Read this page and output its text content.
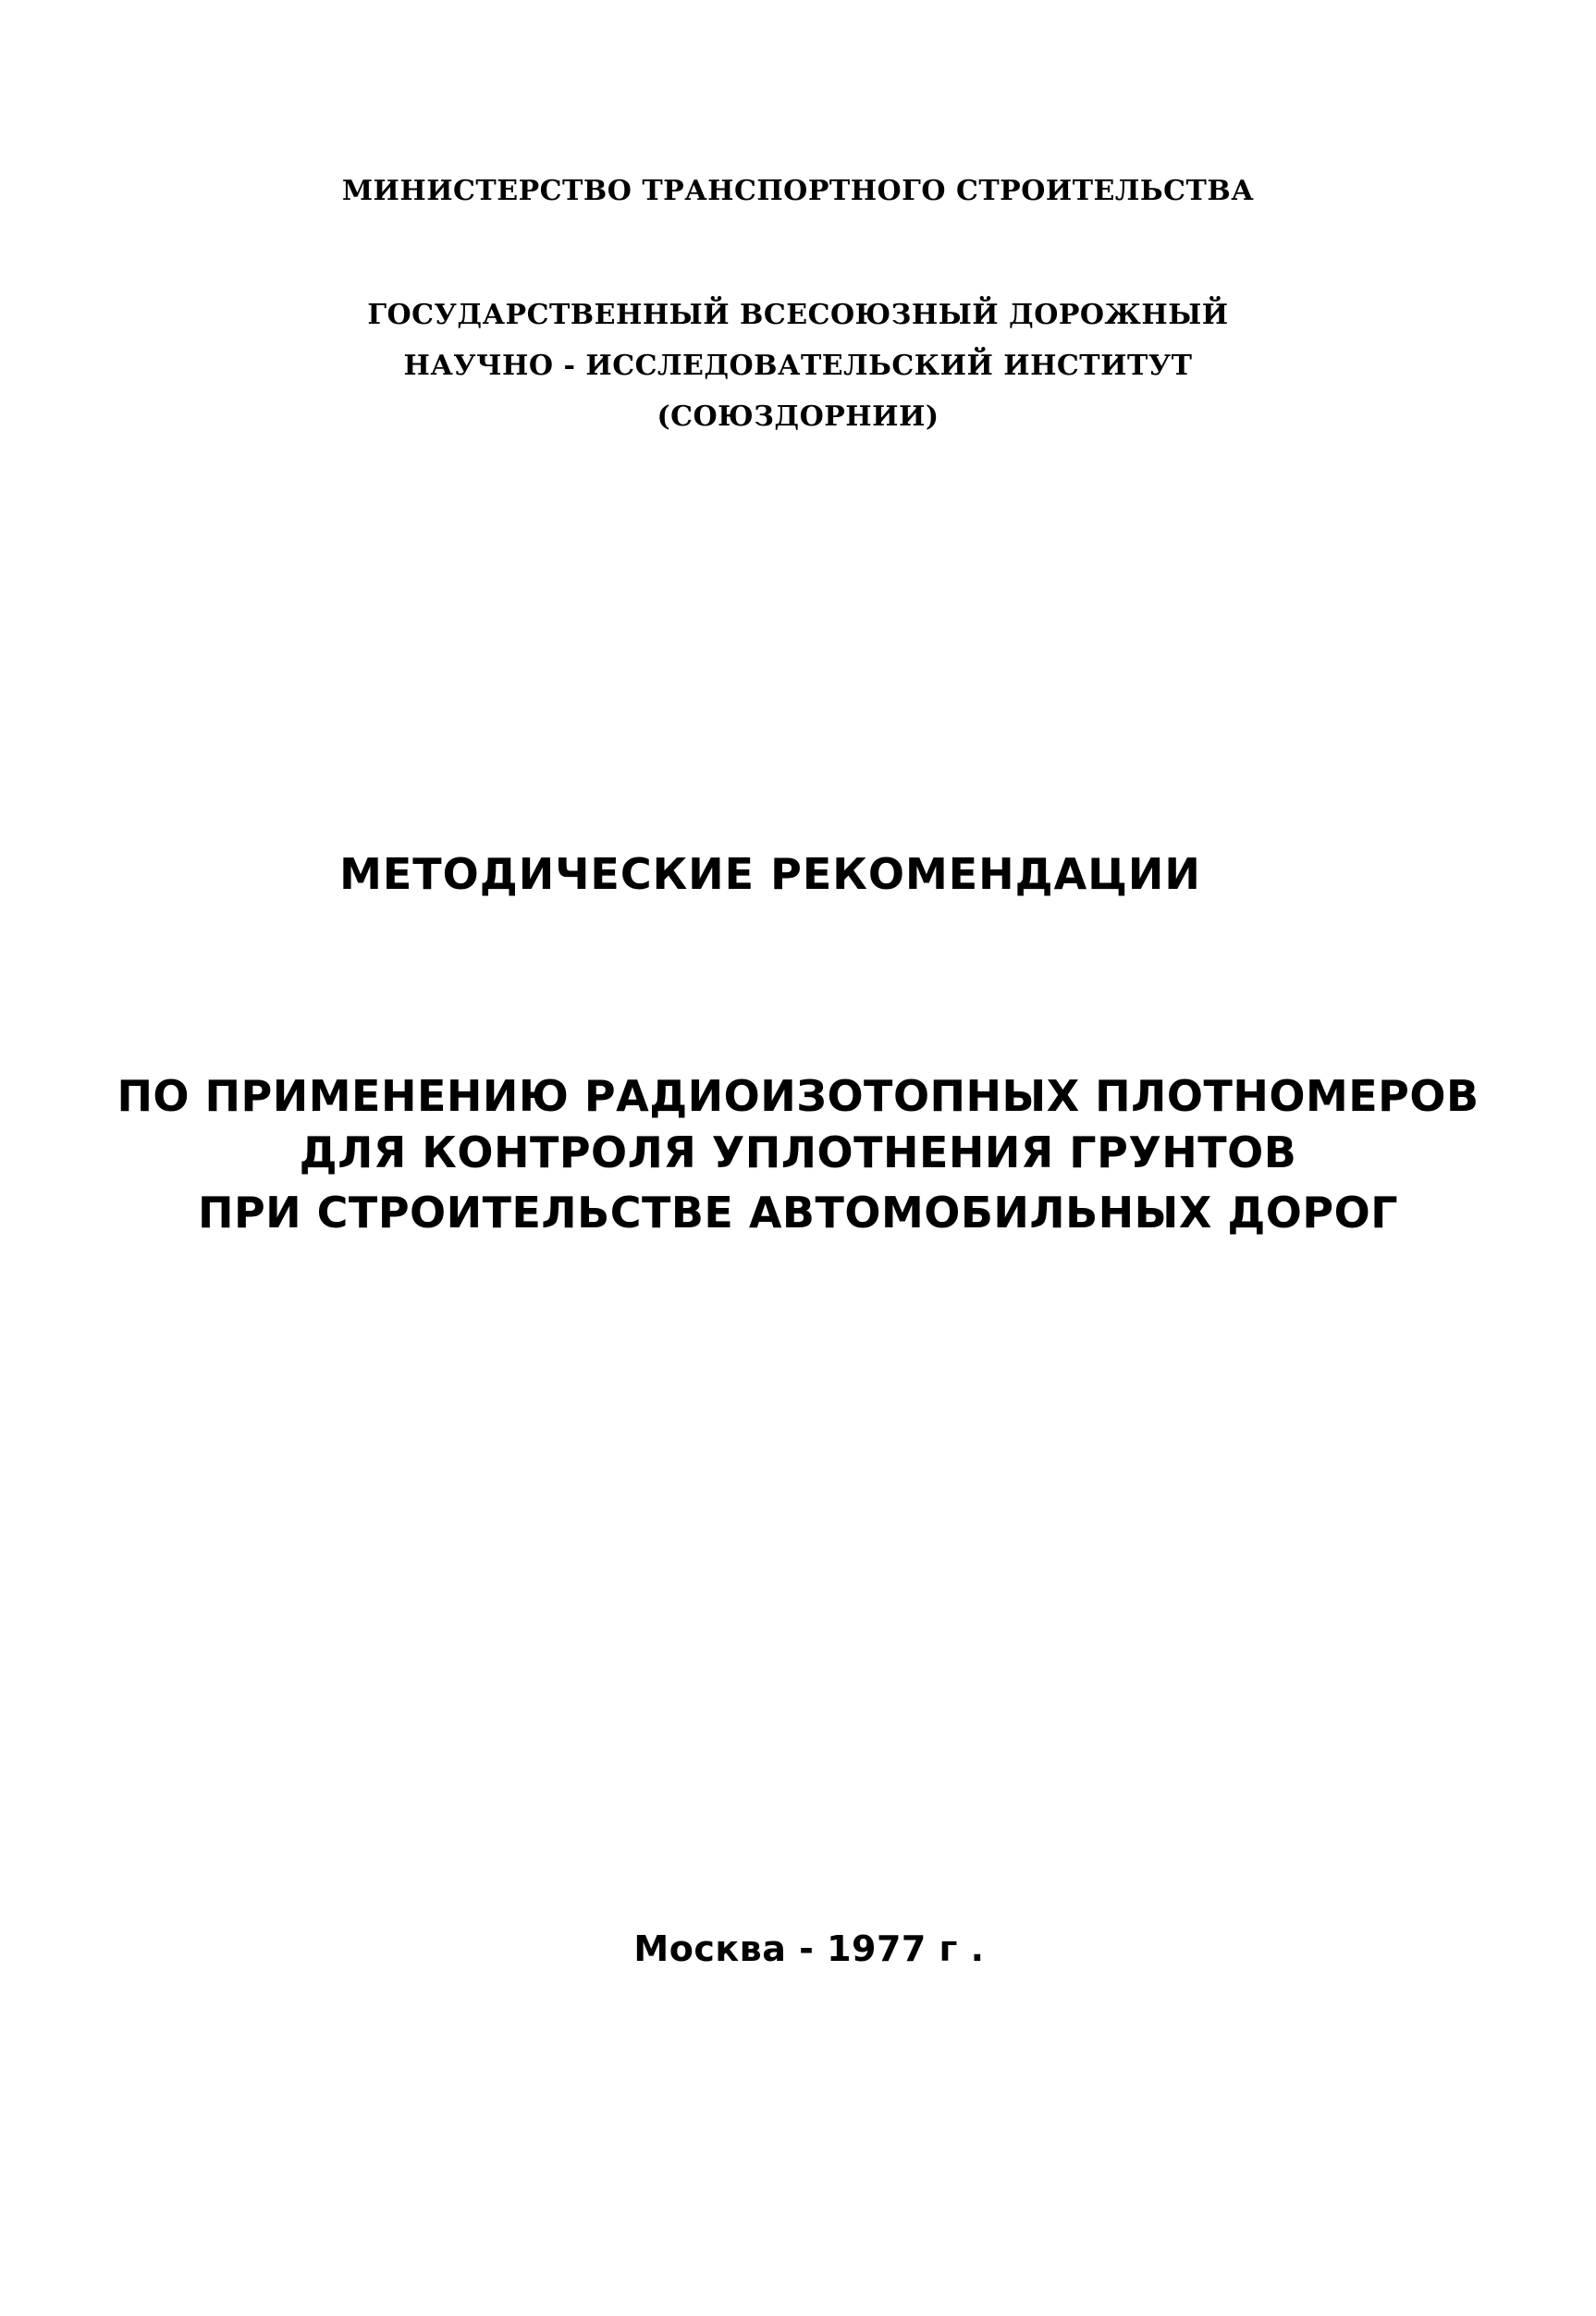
МИНИСТЕРСТВО ТРАНСПОРТНОГО СТРОИТЕЛЬСТВА

ГОСУДАРСТВЕННЫЙ ВСЕСОЮЗНЫЙ ДОРОЖНЫЙ

НАУЧНО - ИССЛЕДОВАТЕЛЬСКИЙ ИНСТИТУТ

(СОЮЗДОРНИИ)

МЕТОДИЧЕСКИЕ РЕКОМЕНДАЦИИ

ПО ПРИМЕНЕНИЮ РАДИОИЗОТОПНЫХ ПЛОТНОМЕРОВ

ДЛЯ КОНТРОЛЯ УПЛОТНЕНИЯ ГРУНТОВ

ПРИ СТРОИТЕЛЬСТВЕ АВТОМОБИЛЬНЫХ ДОРОГ

Москва - 1977 г .
